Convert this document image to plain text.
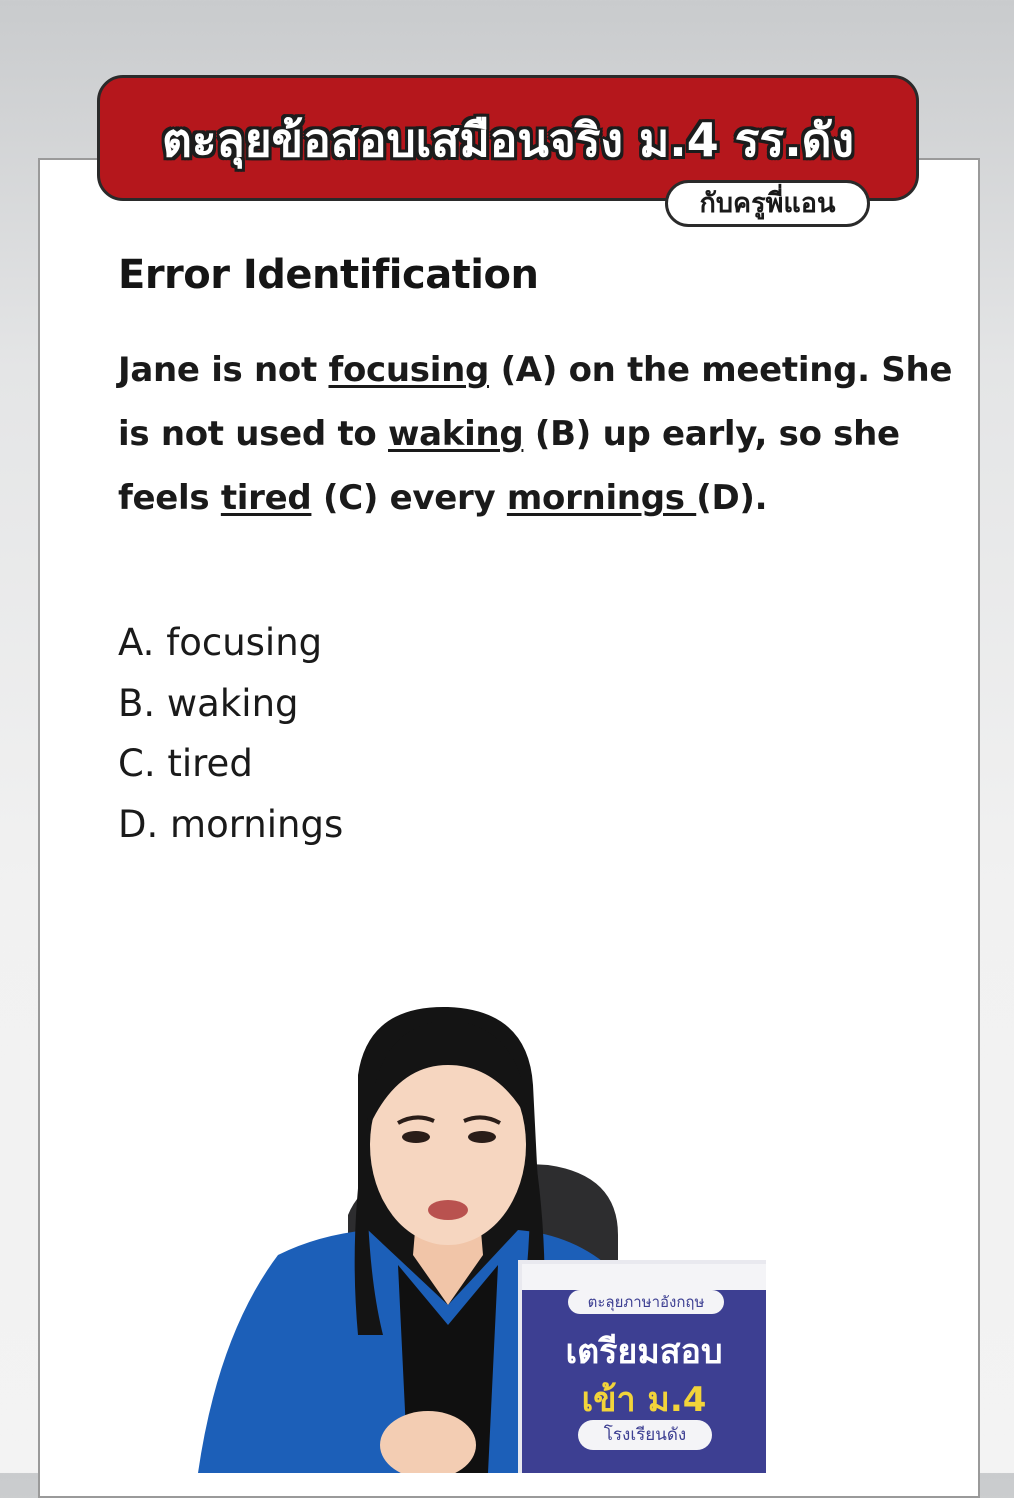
ตะลุยข้อสอบเสมือนจริง ม.4 รร.ดัง
กับครูพี่แอน
Error Identification
Jane is not focusing (A) on the meeting. She is not used to waking (B) up early, so she feels tired (C) every mornings (D).
A. focusing
B. waking
C. tired
D. mornings
ตะลุยภาษาอังกฤษ
เตรียมสอบ
เข้า ม.4
โรงเรียนดัง
